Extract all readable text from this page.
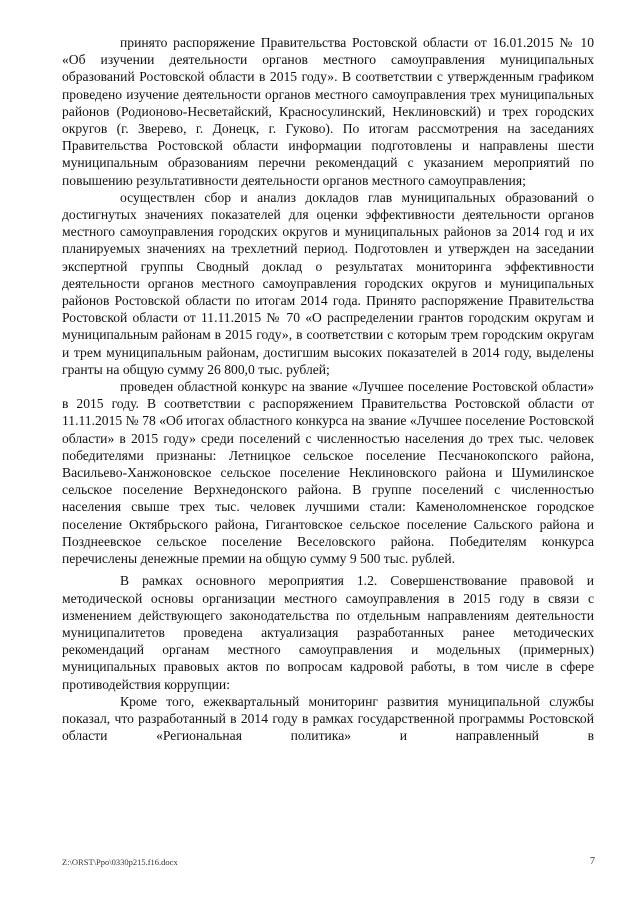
принято распоряжение Правительства Ростовской области от 16.01.2015 № 10 «Об изучении деятельности органов местного самоуправления муниципальных образований Ростовской области в 2015 году». В соответствии с утвержденным графиком проведено изучение деятельности органов местного самоуправления трех муниципальных районов (Родионово-Несветайский, Красносулинский, Неклиновский) и трех городских округов (г. Зверево, г. Донецк, г. Гуково). По итогам рассмотрения на заседаниях Правительства Ростовской области информации подготовлены и направлены шести муниципальным образованиям перечни рекомендаций с указанием мероприятий по повышению результативности деятельности органов местного самоуправления;

осуществлен сбор и анализ докладов глав муниципальных образований о достигнутых значениях показателей для оценки эффективности деятельности органов местного самоуправления городских округов и муниципальных районов за 2014 год и их планируемых значениях на трехлетний период. Подготовлен и утвержден на заседании экспертной группы Сводный доклад о результатах мониторинга эффективности деятельности органов местного самоуправления городских округов и муниципальных районов Ростовской области по итогам 2014 года. Принято распоряжение Правительства Ростовской области от 11.11.2015 № 70 «О распределении грантов городским округам и муниципальным районам в 2015 году», в соответствии с которым трем городским округам и трем муниципальным районам, достигшим высоких показателей в 2014 году, выделены гранты на общую сумму 26 800,0 тыс. рублей;

проведен областной конкурс на звание «Лучшее поселение Ростовской области» в 2015 году. В соответствии с распоряжением Правительства Ростовской области от 11.11.2015 № 78 «Об итогах областного конкурса на звание «Лучшее поселение Ростовской области» в 2015 году» среди поселений с численностью населения до трех тыс. человек победителями признаны: Летницкое сельское поселение Песчанокопского района, Васильево-Ханжоновское сельское поселение Неклиновского района и Шумилинское сельское поселение Верхнедонского района. В группе поселений с численностью населения свыше трех тыс. человек лучшими стали: Каменоломненское городское поселение Октябрьского района, Гигантовское сельское поселение Сальского района и Позднеевское сельское поселение Веселовского района. Победителям конкурса перечислены денежные премии на общую сумму 9 500 тыс. рублей.

В рамках основного мероприятия 1.2. Совершенствование правовой и методической основы организации местного самоуправления в 2015 году в связи с изменением действующего законодательства по отдельным направлениям деятельности муниципалитетов проведена актуализация разработанных ранее методических рекомендаций органам местного самоуправления и модельных (примерных) муниципальных правовых актов по вопросам кадровой работы, в том числе в сфере противодействия коррупции:

Кроме того, ежеквартальный мониторинг развития муниципальной службы показал, что разработанный в 2014 году в рамках государственной программы Ростовской области «Региональная политика» и направленный в

Z:\ORST\Ppo\0330p215.f16.docx	7
